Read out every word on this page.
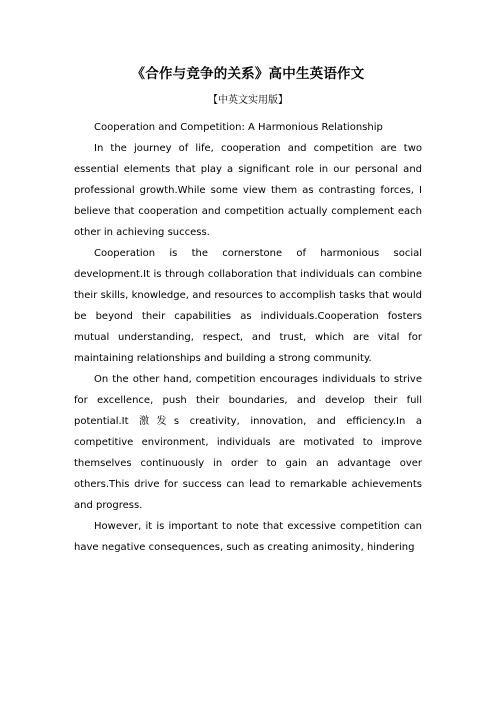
《合作与竞争的关系》高中生英语作文
【中英文实用版】

Cooperation and Competition: A Harmonious Relationship

In the journey of life, cooperation and competition are two essential elements that play a significant role in our personal and professional growth.While some view them as contrasting forces, I believe that cooperation and competition actually complement each other in achieving success.

Cooperation is the cornerstone of harmonious social development.It is through collaboration that individuals can combine their skills, knowledge, and resources to accomplish tasks that would be beyond their capabilities as individuals.Cooperation fosters mutual understanding, respect, and trust, which are vital for maintaining relationships and building a strong community.

On the other hand, competition encourages individuals to strive for excellence, push their boundaries, and develop their full potential.It 激发s creativity, innovation, and efficiency.In a competitive environment, individuals are motivated to improve themselves continuously in order to gain an advantage over others.This drive for success can lead to remarkable achievements and progress.

However, it is important to note that excessive competition can have negative consequences, such as creating animosity, hindering
